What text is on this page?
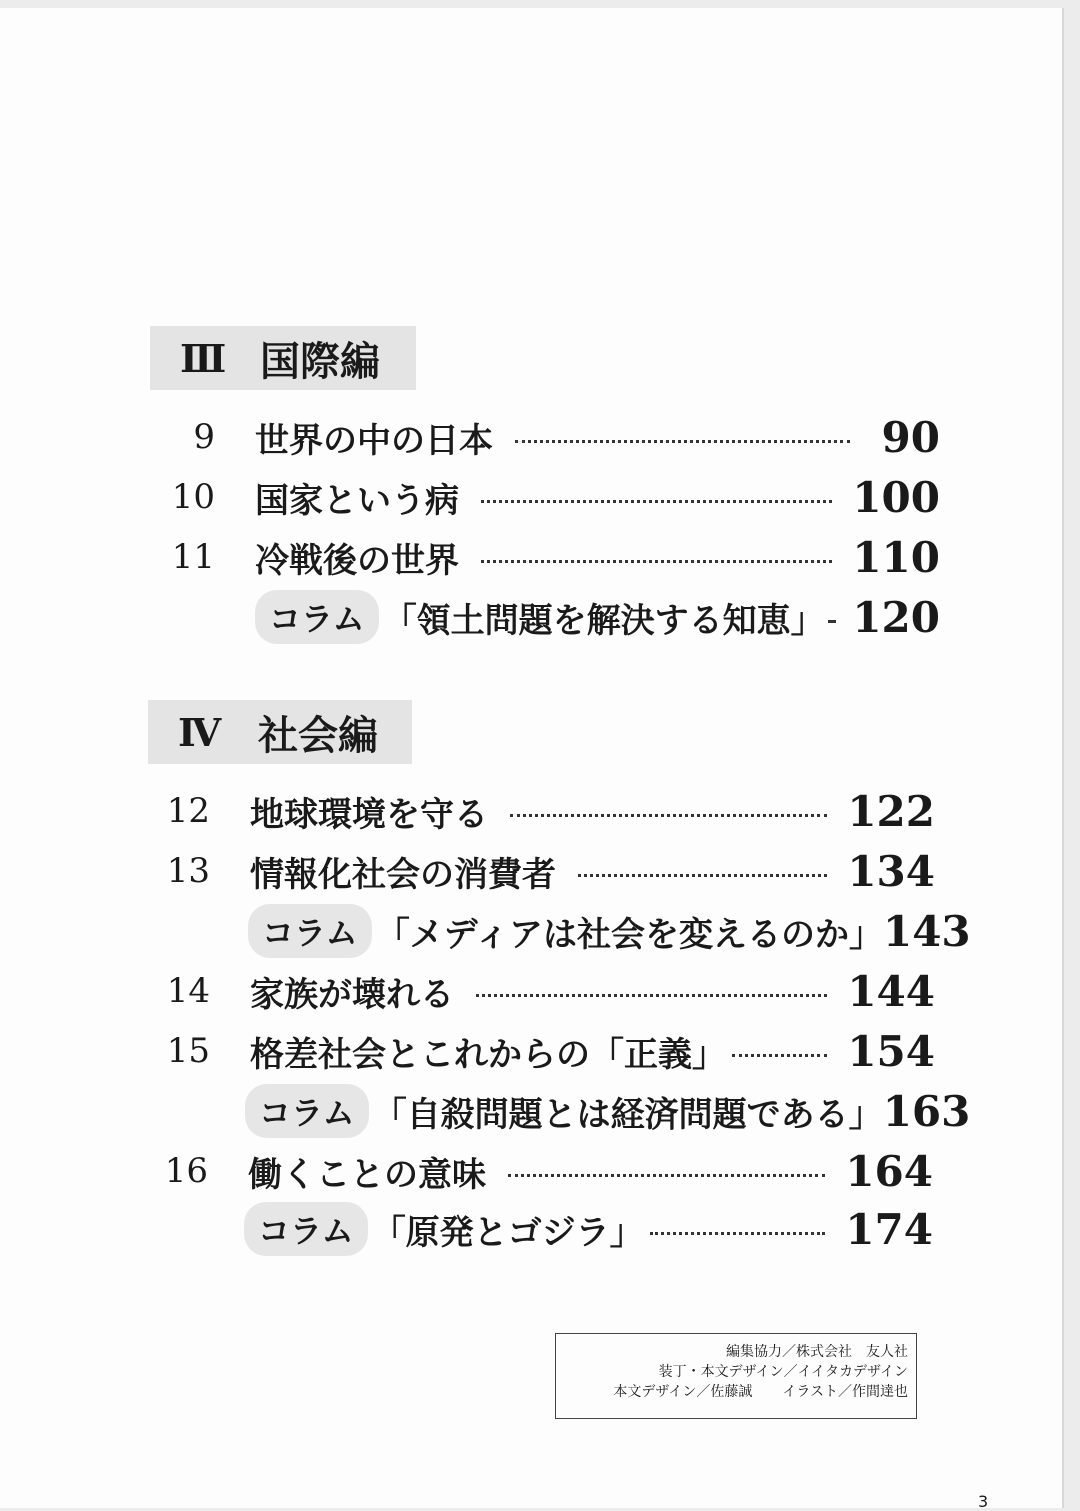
Ⅲ 国際編
9 世界の中の日本	90
10 国家という病	100
11 冷戦後の世界	110
コラム 「領土問題を解決する知恵」 120
Ⅳ 社会編
12 地球環境を守る	122
13 情報化社会の消費者	134
コラム 「メディアは社会を変えるのか」 143
14 家族が壊れる	144
15 格差社会とこれからの「正義」	154
コラム 「自殺問題とは経済問題である」 163
16 働くことの意味	164
コラム 「原発とゴジラ」	174
編集協力／株式会社　友人社
装丁・本文デザイン／イイタカデザイン
本文デザイン／佐藤誠 イラスト／作間達也
3
